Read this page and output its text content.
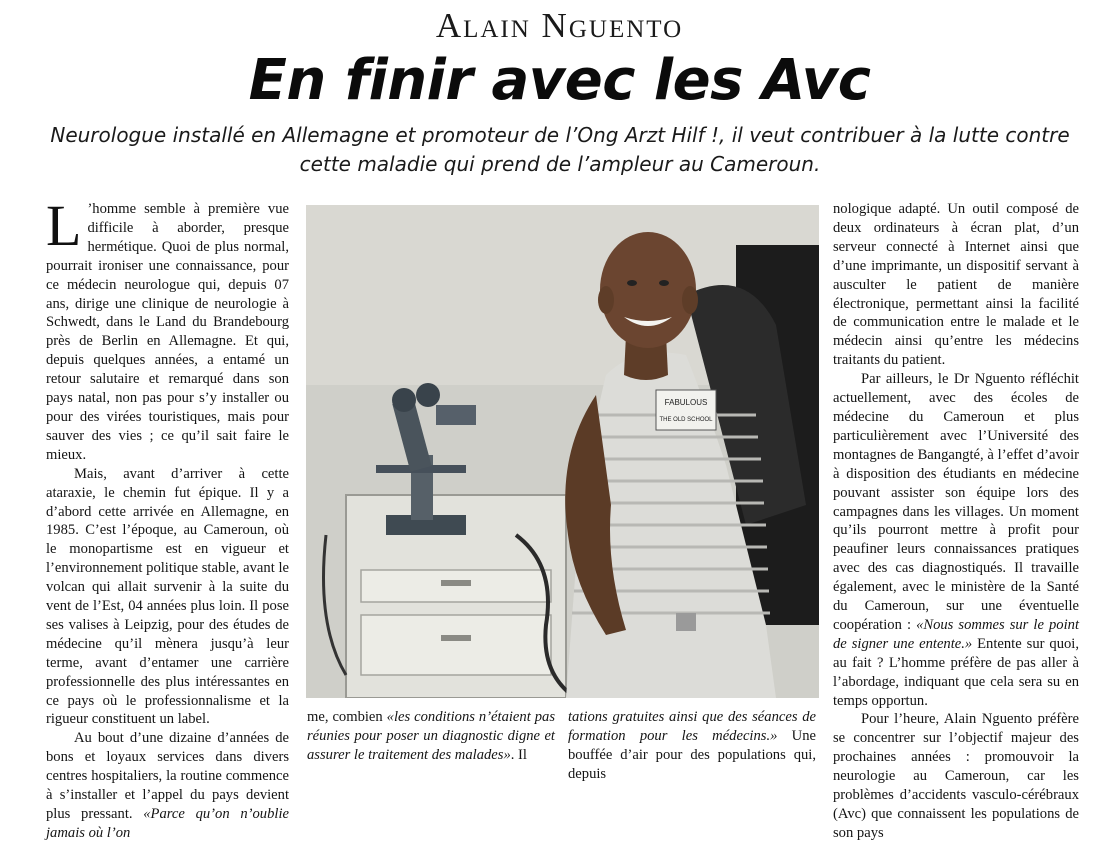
Alain Nguento
En finir avec les Avc
Neurologue installé en Allemagne et promoteur de l’Ong Arzt Hilf !, il veut contribuer à la lutte contre cette maladie qui prend de l’ampleur au Cameroun.

L ’homme semble à première vue difficile à aborder, presque hermétique. Quoi de plus normal, pourrait ironiser une connaissance, pour ce médecin neurologue qui, depuis 07 ans, dirige une clinique de neurologie à Schwedt, dans le Land du Brandebourg près de Berlin en Allemagne. Et qui, depuis quelques années, a entamé un retour salutaire et remarqué dans son pays natal, non pas pour s’y installer ou pour des virées touristiques, mais pour sauver des vies ; ce qu’il sait faire le mieux.

Mais, avant d’arriver à cette ataraxie, le chemin fut épique. Il y a d’abord cette arrivée en Allemagne, en 1985. C’est l’époque, au Cameroun, où le monopartisme est en vigueur et l’environnement politique stable, avant le volcan qui allait survenir à la suite du vent de l’Est, 04 années plus loin. Il pose ses valises à Leipzig, pour des études de médecine qu’il mènera jusqu’à leur terme, avant d’entamer une carrière professionnelle des plus intéressantes en ce pays où le professionnalisme et la rigueur constituent un label.

Au bout d’une dizaine d’années de bons et loyaux services dans divers centres hospitaliers, la routine commence à s’installer et l’appel du pays devient plus pressant. «Parce qu’on n’oublie jamais où l’on

FABULOUS
THE OLD SCHOOL

me, combien «les conditions n’étaient pas réunies pour poser un diagnostic digne et assurer le traitement des malades». Il

tations gratuites ainsi que des séances de formation pour les médecins.» Une bouffée d’air pour des populations qui, depuis

nologique adapté. Un outil composé de deux ordinateurs à écran plat, d’un serveur connecté à Internet ainsi que d’une imprimante, un dispositif servant à ausculter le patient de manière électronique, permettant ainsi la facilité de communication entre le malade et le médecin ainsi qu’entre les médecins traitants du patient.

Par ailleurs, le Dr Nguento réfléchit actuellement, avec des écoles de médecine du Cameroun et plus particulièrement avec l’Université des montagnes de Bangangté, à l’effet d’avoir à disposition des étudiants en médecine pouvant assister son équipe lors des campagnes dans les villages. Un moment qu’ils pourront mettre à profit pour peaufiner leurs connaissances pratiques avec des cas diagnostiqués. Il travaille également, avec le ministère de la Santé du Cameroun, sur une éventuelle coopération : «Nous sommes sur le point de signer une entente.» Entente sur quoi, au fait ? L’homme préfère de pas aller à l’abordage, indiquant que cela sera su en temps opportun.

Pour l’heure, Alain Nguento préfère se concentrer sur l’objectif majeur des prochaines années : promouvoir la neurologie au Cameroun, car les problèmes d’accidents vasculo-cérébraux (Avc) que connaissent les populations de son pays
